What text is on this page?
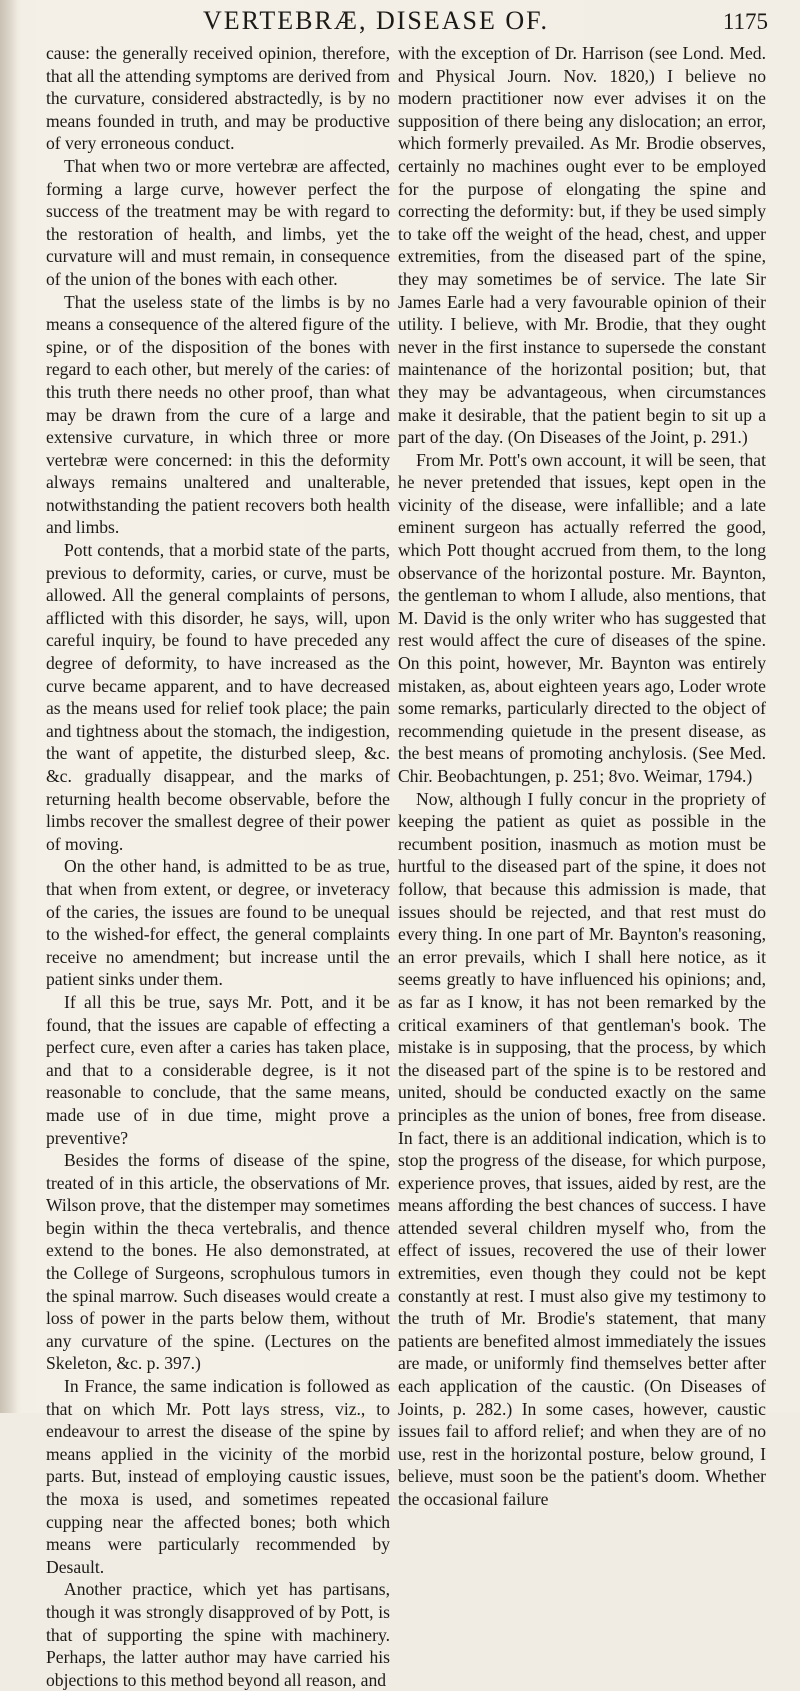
VERTEBRÆ, DISEASE OF.	1175

cause: the generally received opinion, therefore, that all the attending symptoms are derived from the curvature, considered abstractedly, is by no means founded in truth, and may be productive of very erroneous conduct.

That when two or more vertebræ are affected, forming a large curve, however perfect the success of the treatment may be with regard to the restoration of health, and limbs, yet the curvature will and must remain, in consequence of the union of the bones with each other.

That the useless state of the limbs is by no means a consequence of the altered figure of the spine, or of the disposition of the bones with regard to each other, but merely of the caries: of this truth there needs no other proof, than what may be drawn from the cure of a large and extensive curvature, in which three or more vertebræ were concerned: in this the deformity always remains unaltered and unalterable, notwithstanding the patient recovers both health and limbs.

Pott contends, that a morbid state of the parts, previous to deformity, caries, or curve, must be allowed. All the general complaints of persons, afflicted with this disorder, he says, will, upon careful inquiry, be found to have preceded any degree of deformity, to have increased as the curve became apparent, and to have decreased as the means used for relief took place; the pain and tightness about the stomach, the indigestion, the want of appetite, the disturbed sleep, &c. &c. gradually disappear, and the marks of returning health become observable, before the limbs recover the smallest degree of their power of moving.

On the other hand, is admitted to be as true, that when from extent, or degree, or inveteracy of the caries, the issues are found to be unequal to the wished-for effect, the general complaints receive no amendment; but increase until the patient sinks under them.

If all this be true, says Mr. Pott, and it be found, that the issues are capable of effecting a perfect cure, even after a caries has taken place, and that to a considerable degree, is it not reasonable to conclude, that the same means, made use of in due time, might prove a preventive?

Besides the forms of disease of the spine, treated of in this article, the observations of Mr. Wilson prove, that the distemper may sometimes begin within the theca vertebralis, and thence extend to the bones. He also demonstrated, at the College of Surgeons, scrophulous tumors in the spinal marrow. Such diseases would create a loss of power in the parts below them, without any curvature of the spine. (Lectures on the Skeleton, &c. p. 397.)

In France, the same indication is followed as that on which Mr. Pott lays stress, viz., to endeavour to arrest the disease of the spine by means applied in the vicinity of the morbid parts. But, instead of employing caustic issues, the moxa is used, and sometimes repeated cupping near the affected bones; both which means were particularly recommended by Desault.

Another practice, which yet has partisans, though it was strongly disapproved of by Pott, is that of supporting the spine with machinery. Perhaps, the latter author may have carried his objections to this method beyond all reason, and

with the exception of Dr. Harrison (see Lond. Med. and Physical Journ. Nov. 1820,) I believe no modern practitioner now ever advises it on the supposition of there being any dislocation; an error, which formerly prevailed. As Mr. Brodie observes, certainly no machines ought ever to be employed for the purpose of elongating the spine and correcting the deformity: but, if they be used simply to take off the weight of the head, chest, and upper extremities, from the diseased part of the spine, they may sometimes be of service. The late Sir James Earle had a very favourable opinion of their utility. I believe, with Mr. Brodie, that they ought never in the first instance to supersede the constant maintenance of the horizontal position; but, that they may be advantageous, when circumstances make it desirable, that the patient begin to sit up a part of the day. (On Diseases of the Joint, p. 291.)

From Mr. Pott's own account, it will be seen, that he never pretended that issues, kept open in the vicinity of the disease, were infallible; and a late eminent surgeon has actually referred the good, which Pott thought accrued from them, to the long observance of the horizontal posture. Mr. Baynton, the gentleman to whom I allude, also mentions, that M. David is the only writer who has suggested that rest would affect the cure of diseases of the spine. On this point, however, Mr. Baynton was entirely mistaken, as, about eighteen years ago, Loder wrote some remarks, particularly directed to the object of recommending quietude in the present disease, as the best means of promoting anchylosis. (See Med. Chir. Beobachtungen, p. 251; 8vo. Weimar, 1794.)

Now, although I fully concur in the propriety of keeping the patient as quiet as possible in the recumbent position, inasmuch as motion must be hurtful to the diseased part of the spine, it does not follow, that because this admission is made, that issues should be rejected, and that rest must do every thing. In one part of Mr. Baynton's reasoning, an error prevails, which I shall here notice, as it seems greatly to have influenced his opinions; and, as far as I know, it has not been remarked by the critical examiners of that gentleman's book. The mistake is in supposing, that the process, by which the diseased part of the spine is to be restored and united, should be conducted exactly on the same principles as the union of bones, free from disease. In fact, there is an additional indication, which is to stop the progress of the disease, for which purpose, experience proves, that issues, aided by rest, are the means affording the best chances of success. I have attended several children myself who, from the effect of issues, recovered the use of their lower extremities, even though they could not be kept constantly at rest. I must also give my testimony to the truth of Mr. Brodie's statement, that many patients are benefited almost immediately the issues are made, or uniformly find themselves better after each application of the caustic. (On Diseases of Joints, p. 282.) In some cases, however, caustic issues fail to afford relief; and when they are of no use, rest in the horizontal posture, below ground, I believe, must soon be the patient's doom. Whether the occasional failure
